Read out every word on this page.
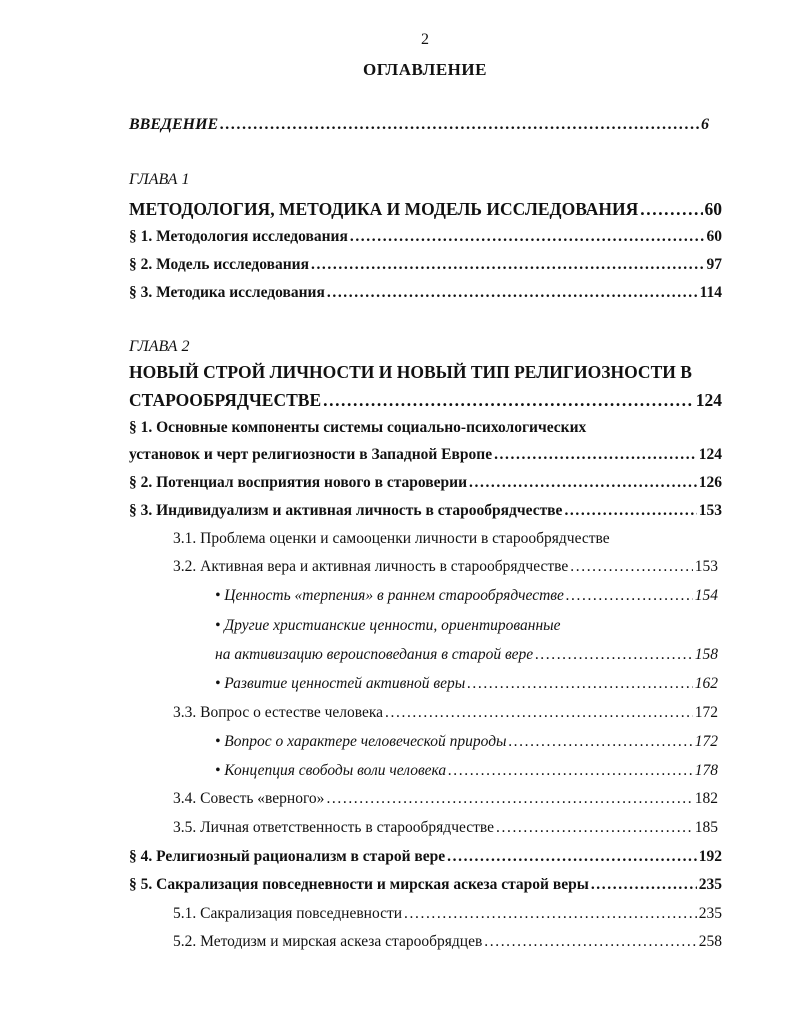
2
ОГЛАВЛЕНИЕ
ВВЕДЕНИЕ .....	6
ГЛАВА 1
МЕТОДОЛОГИЯ, МЕТОДИКА И МОДЕЛЬ ИССЛЕДОВАНИЯ .....	60
§ 1. Методология исследования .....	60
§ 2. Модель исследования .....	97
§ 3. Методика исследования .....	114
ГЛАВА 2
НОВЫЙ СТРОЙ ЛИЧНОСТИ И НОВЫЙ ТИП РЕЛИГИОЗНОСТИ В
СТАРООБРЯДЧЕСТВЕ .....	124
§ 1. Основные компоненты системы социально-психологических
установок и черт религиозности в Западной Европе .....	124
§ 2. Потенциал восприятия нового в староверии .....	126
§ 3. Индивидуализм и активная личность в старообрядчестве .....	153
3.1. Проблема оценки и самооценки личности в старообрядчестве
3.2. Активная вера и активная личность в старообрядчестве .....	153
• Ценность «терпения» в раннем старообрядчестве .....	154
• Другие христианские ценности, ориентированные
на активизацию вероисповедания в старой вере .....	158
• Развитие ценностей активной веры .....	162
3.3. Вопрос о естестве человека .....	172
• Вопрос о характере человеческой природы .....	172
• Концепция свободы воли человека .....	178
3.4. Совесть «верного» .....	182
3.5. Личная ответственность в старообрядчестве .....	185
§ 4. Религиозный рационализм в старой вере .....	192
§ 5. Сакрализация повседневности и мирская аскеза старой веры .....	235
5.1. Сакрализация повседневности .....	235
5.2. Методизм и мирская аскеза старообрядцев .....	258
